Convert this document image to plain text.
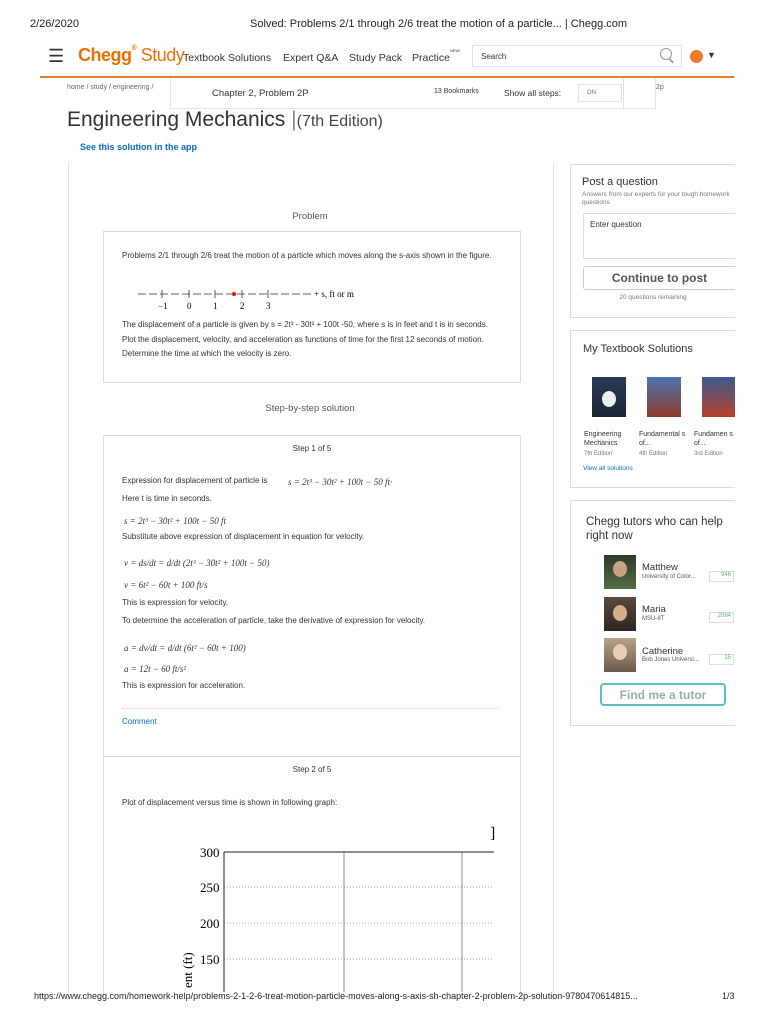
2/26/2020	Solved: Problems 2/1 through 2/6 treat the motion of a particle... | Chegg.com
☰ Chegg® Study
Textbook Solutions Expert Q&A Study Pack Practice
NEW!
Search	▼
home / study / engineering /
Chapter 2, Problem 2P	13 Bookmarks	Show all steps:	ON
2p
Engineering Mechanics |(7th Edition)
See this solution in the app
Problem
Problems 2/1 through 2/6 treat the motion of a particle which moves along the s-axis shown in the figure.
−1 0 1	2 3
+ s, ft or m
The displacement of a particle is given by s = 2t³ - 30t² + 100t -50, where s is in feet and t is in seconds. Plot the displacement, velocity, and acceleration as functions of time for the first 12 seconds of motion. Determine the time at which the velocity is zero.
Step-by-step solution
Step 1 of 5
Expression for displacement of particle is s = 2t³ − 30t² + 100t − 50 ft·
Here t is time in seconds.
s = 2t³ − 30t² + 100t − 50 ft
Substitute above expression of displacement in equation for velocity.
v = ds/dt = d/dt (2t³ − 30t² + 100t − 50)
v = 6t² − 60t + 100 ft/s
This is expression for velocity.
To determine the acceleration of particle, take the derivative of expression for velocity.
a = dv/dt = d/dt (6t² − 60t + 100)
a = 12t − 60 ft/s²
This is expression for acceleration.
Comment
Step 2 of 5
Plot of displacement versus time is shown in following graph:
]
300
250
200
150
ent (ft)
Post a question
Answers from our experts for your tough homework questions
Enter question
Continue to post
20 questions remaining
My Textbook Solutions
Engineering Mechanics
Fundamental s of...
Fundamen s of...
7th Edition	4th Edition	3rd Edition
View all solutions
Chegg tutors who can help right now
Matthew
University of Color...	946
Maria
MSU-IIT	2084
Catherine
Bob Jones Universi...	15
Find me a tutor
https://www.chegg.com/homework-help/problems-2-1-2-6-treat-motion-particle-moves-along-s-axis-sh-chapter-2-problem-2p-solution-9780470614815...	1/3
